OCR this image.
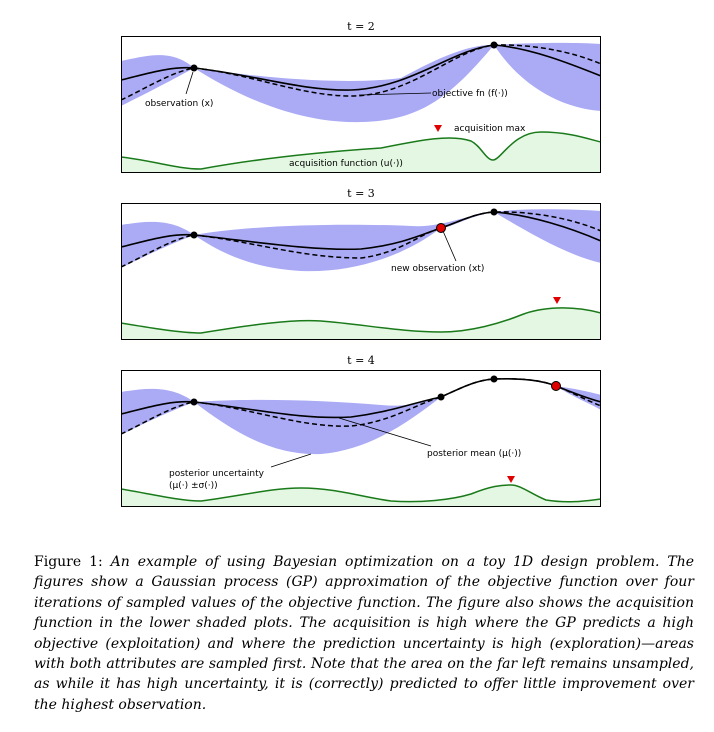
t = 2
observation (x)
objective fn (f(·))
acquisition max
acquisition function (u(·))
t = 3
new observation (xt)
t = 4
posterior mean (μ(·))
posterior uncertainty
(μ(·) ±σ(·))
Figure 1: An example of using Bayesian optimization on a toy 1D design problem. The figures show a Gaussian process (GP) approximation of the objective function over four iterations of sampled values of the objective function. The figure also shows the acquisition function in the lower shaded plots. The acquisition is high where the GP predicts a high objective (exploitation) and where the prediction uncertainty is high (exploration)—areas with both attributes are sampled first. Note that the area on the far left remains unsampled, as while it has high uncertainty, it is (correctly) predicted to offer little improvement over the highest observation.
